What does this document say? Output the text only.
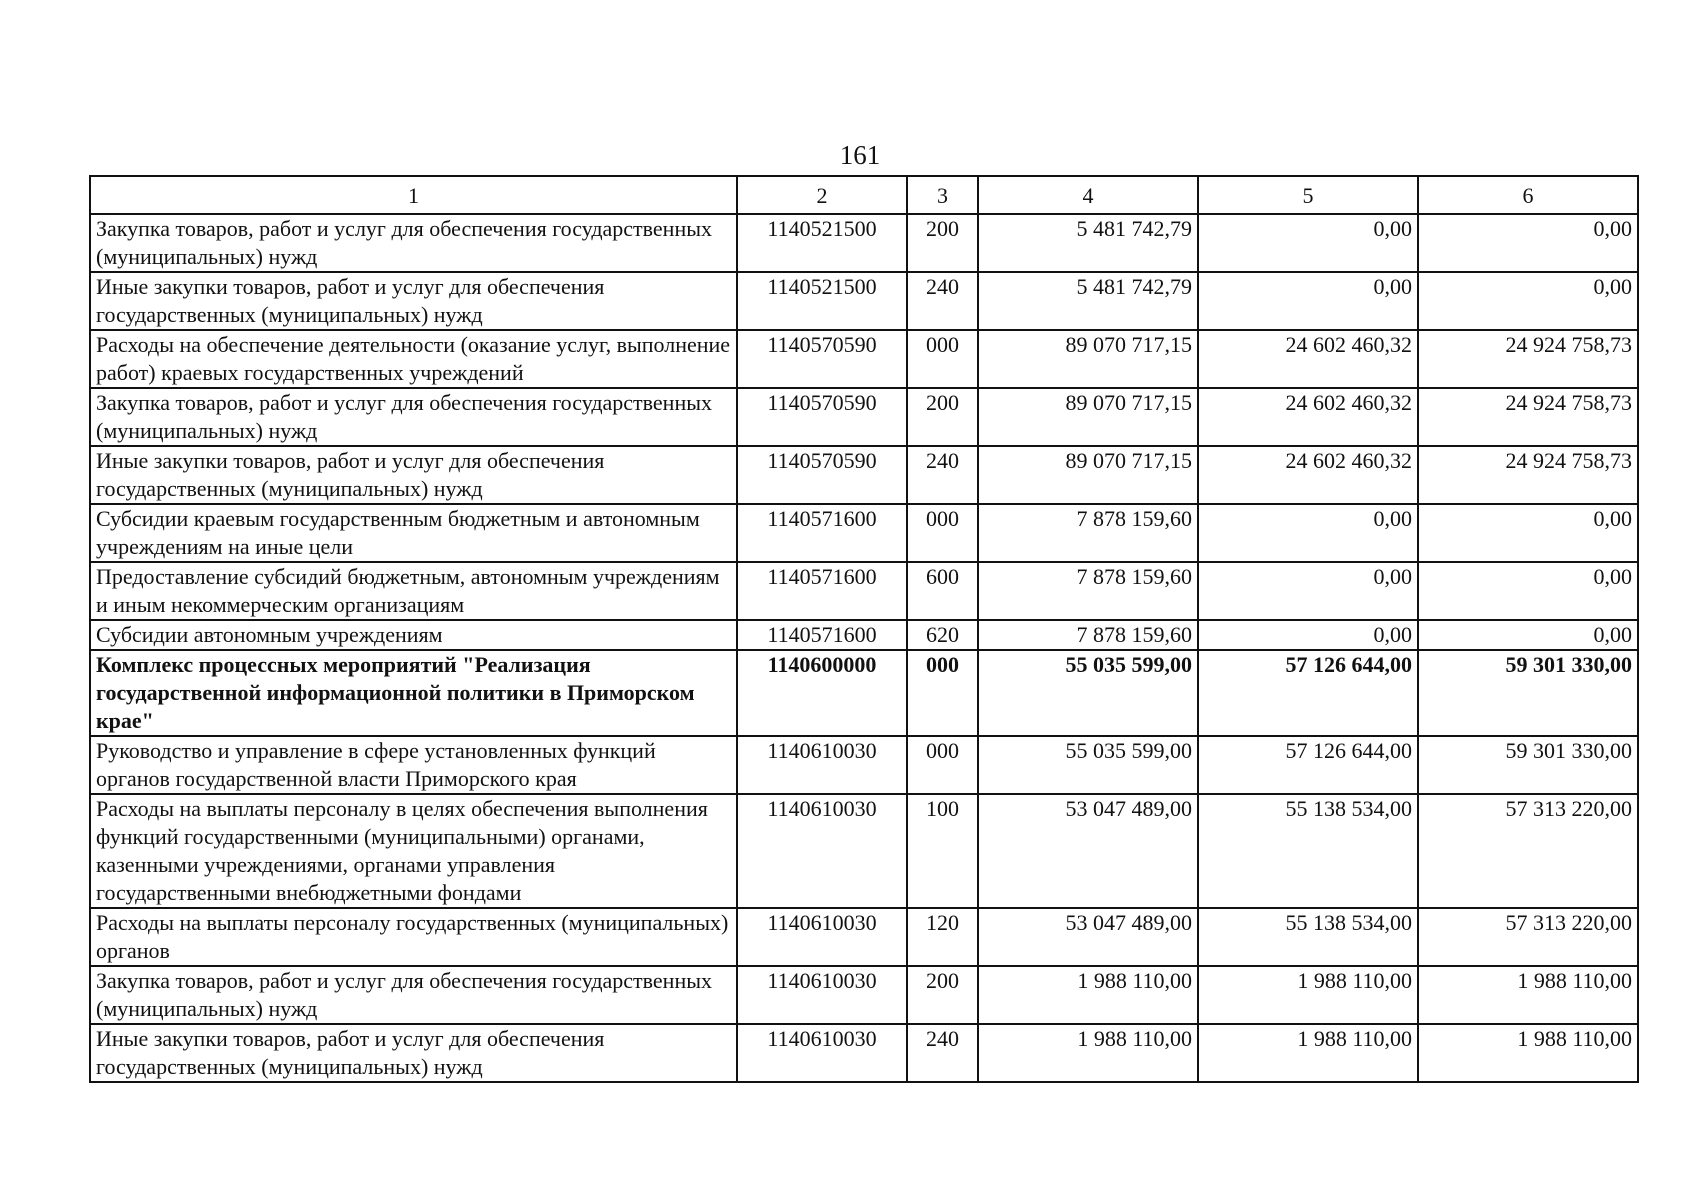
161
1	2	3	4	5	6
Закупка товаров, работ и услуг для обеспечения государственных (муниципальных) нужд	1140521500	200	5 481 742,79	0,00	0,00
Иные закупки товаров, работ и услуг для обеспечения государственных (муниципальных) нужд	1140521500	240	5 481 742,79	0,00	0,00
Расходы на обеспечение деятельности (оказание услуг, выполнение работ) краевых государственных учреждений	1140570590	000	89 070 717,15	24 602 460,32	24 924 758,73
Закупка товаров, работ и услуг для обеспечения государственных (муниципальных) нужд	1140570590	200	89 070 717,15	24 602 460,32	24 924 758,73
Иные закупки товаров, работ и услуг для обеспечения государственных (муниципальных) нужд	1140570590	240	89 070 717,15	24 602 460,32	24 924 758,73
Субсидии краевым государственным бюджетным и автономным учреждениям на иные цели	1140571600	000	7 878 159,60	0,00	0,00
Предоставление субсидий бюджетным, автономным учреждениям и иным некоммерческим организациям	1140571600	600	7 878 159,60	0,00	0,00
Субсидии автономным учреждениям	1140571600	620	7 878 159,60	0,00	0,00
Комплекс процессных мероприятий "Реализация государственной информационной политики в Приморском крае"	1140600000	000	55 035 599,00	57 126 644,00	59 301 330,00
Руководство и управление в сфере установленных функций органов государственной власти Приморского края	1140610030	000	55 035 599,00	57 126 644,00	59 301 330,00
Расходы на выплаты персоналу в целях обеспечения выполнения функций государственными (муниципальными) органами, казенными учреждениями, органами управления государственными внебюджетными фондами	1140610030	100	53 047 489,00	55 138 534,00	57 313 220,00
Расходы на выплаты персоналу государственных (муниципальных) органов	1140610030	120	53 047 489,00	55 138 534,00	57 313 220,00
Закупка товаров, работ и услуг для обеспечения государственных (муниципальных) нужд	1140610030	200	1 988 110,00	1 988 110,00	1 988 110,00
Иные закупки товаров, работ и услуг для обеспечения государственных (муниципальных) нужд	1140610030	240	1 988 110,00	1 988 110,00	1 988 110,00
